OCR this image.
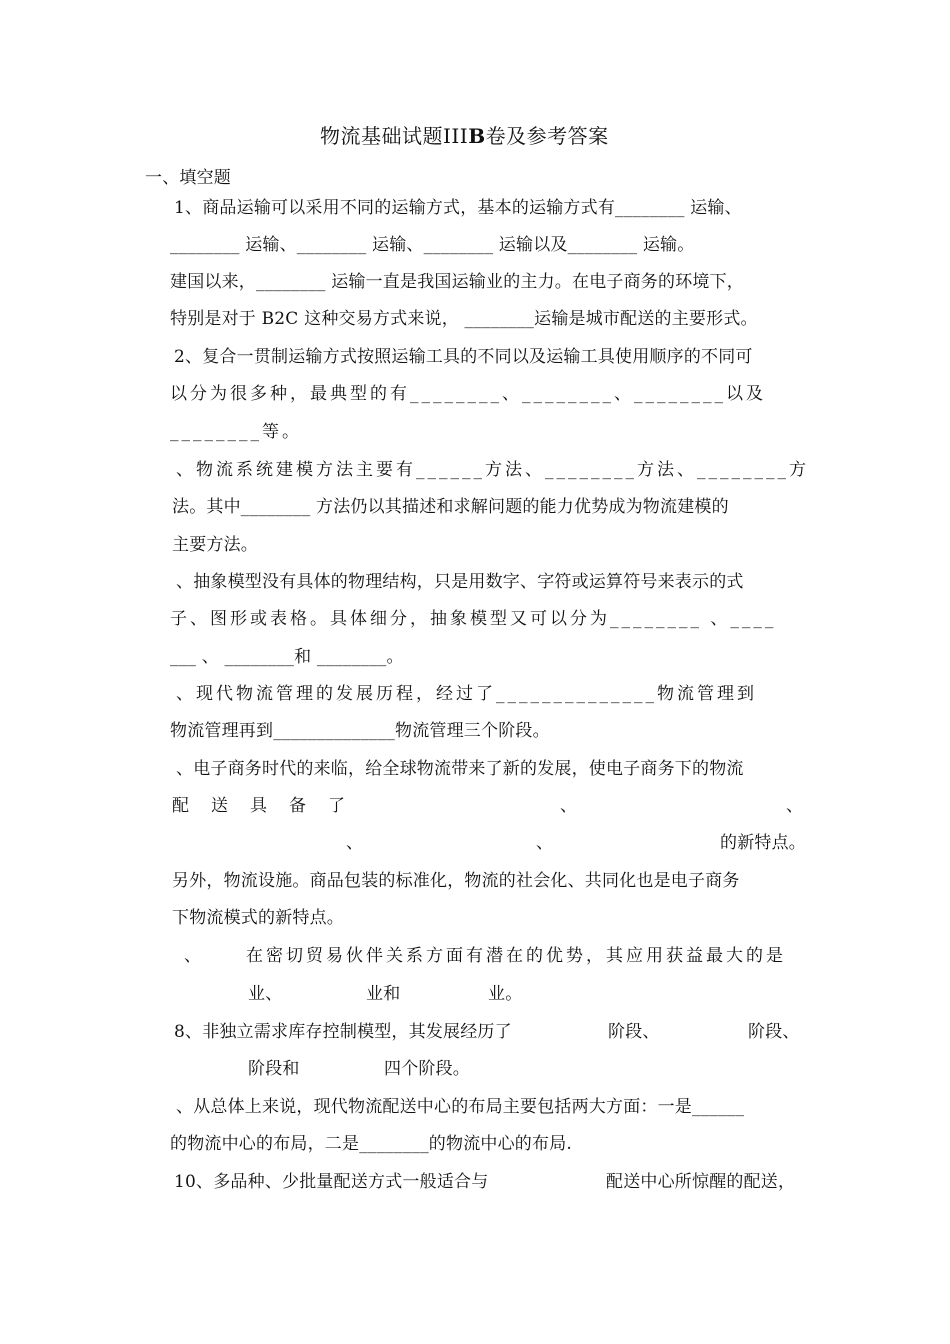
物流基础试题IIIB卷及参考答案
一、填空题
1、商品运输可以采用不同的运输方式，基本的运输方式有________ 运输、
________ 运输、________ 运输、________ 运输以及________ 运输。
建国以来，________ 运输一直是我国运输业的主力。在电子商务的环境下，
特别是对于 B2C 这种交易方式来说， ________运输是城市配送的主要形式。
2、复合一贯制运输方式按照运输工具的不同以及运输工具使用顺序的不同可
以分为很多种，最典型的有________、________、________以及
________等。
、物流系统建模方法主要有______方法、________方法、________方
法。其中________ 方法仍以其描述和求解问题的能力优势成为物流建模的
主要方法。
、抽象模型没有具体的物理结构，只是用数字、字符或运算符号来表示的式
子、图形或表格。具体细分，抽象模型又可以分为________ 、____
___ 、 ________和 ________。
、现代物流管理的发展历程，经过了______________物流管理到
物流管理再到______________物流管理三个阶段。
、电子商务时代的来临，给全球物流带来了新的发展，使电子商务下的物流
配送具备了	、	、
、	、	的新特点。
另外，物流设施。商品包装的标准化，物流的社会化、共同化也是电子商务
下物流模式的新特点。
、	在密切贸易伙伴关系方面有潜在的优势，其应用获益最大的是
业、	业和	业。
8、非独立需求库存控制模型，其发展经历了	阶段、	阶段、
阶段和	四个阶段。
、从总体上来说，现代物流配送中心的布局主要包括两大方面：一是______
的物流中心的布局，二是________的物流中心的布局.
10、多品种、少批量配送方式一般适合与	配送中心所惊醒的配送，
